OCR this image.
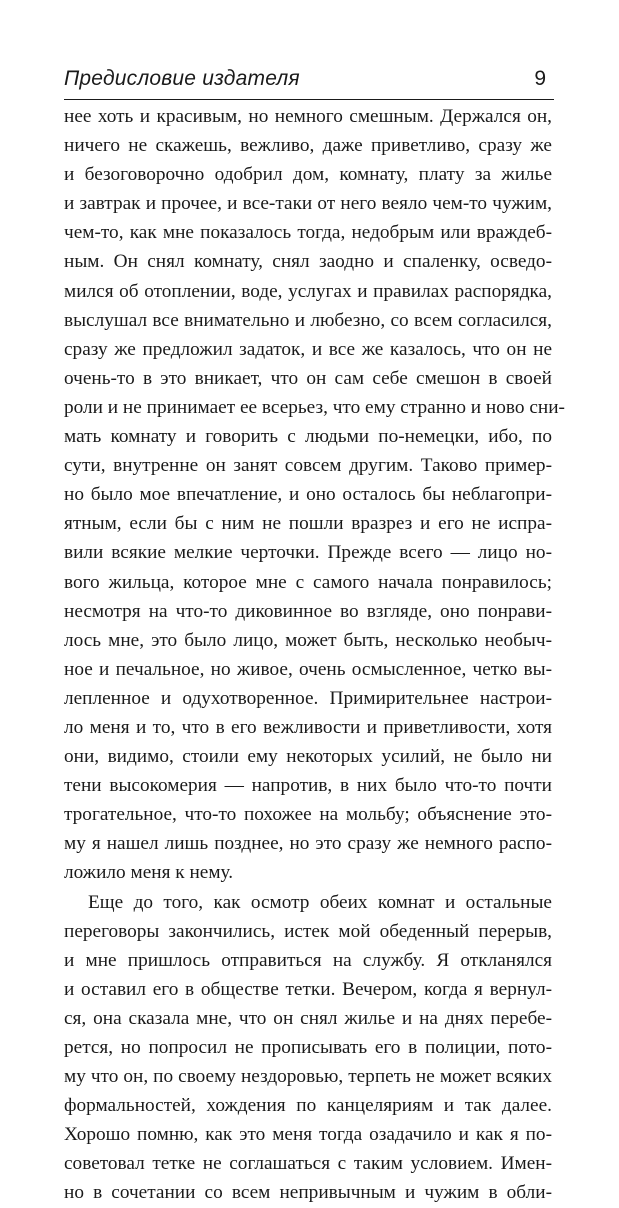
Предисловие издателя	9
нее хоть и красивым, но немного смешным. Держался он,
ничего не скажешь, вежливо, даже приветливо, сразу же
и безоговорочно одобрил дом, комнату, плату за жилье
и завтрак и прочее, и все-таки от него веяло чем-то чужим,
чем-то, как мне показалось тогда, недобрым или враждеб-
ным. Он снял комнату, снял заодно и спаленку, осведо-
мился об отоплении, воде, услугах и правилах распорядка,
выслушал все внимательно и любезно, со всем согласился,
сразу же предложил задаток, и все же казалось, что он не
очень-то в это вникает, что он сам себе смешон в своей
роли и не принимает ее всерьез, что ему странно и ново сни-
мать комнату и говорить с людьми по-немецки, ибо, по
сути, внутренне он занят совсем другим. Таково пример-
но было мое впечатление, и оно осталось бы неблагопри-
ятным, если бы с ним не пошли вразрез и его не испра-
вили всякие мелкие черточки. Прежде всего — лицо но-
вого жильца, которое мне с самого начала понравилось;
несмотря на что-то диковинное во взгляде, оно понрави-
лось мне, это было лицо, может быть, несколько необыч-
ное и печальное, но живое, очень осмысленное, четко вы-
лепленное и одухотворенное. Примирительнее настрои-
ло меня и то, что в его вежливости и приветливости, хотя
они, видимо, стоили ему некоторых усилий, не было ни
тени высокомерия — напротив, в них было что-то почти
трогательное, что-то похожее на мольбу; объяснение это-
му я нашел лишь позднее, но это сразу же немного распо-
ложило меня к нему.
Еще до того, как осмотр обеих комнат и остальные
переговоры закончились, истек мой обеденный перерыв,
и мне пришлось отправиться на службу. Я откланялся
и оставил его в обществе тетки. Вечером, когда я вернул-
ся, она сказала мне, что он снял жилье и на днях перебе-
рется, но попросил не прописывать его в полиции, пото-
му что он, по своему нездоровью, терпеть не может всяких
формальностей, хождения по канцеляриям и так далее.
Хорошо помню, как это меня тогда озадачило и как я по-
советовал тетке не соглашаться с таким условием. Имен-
но в сочетании со всем непривычным и чужим в обли-
